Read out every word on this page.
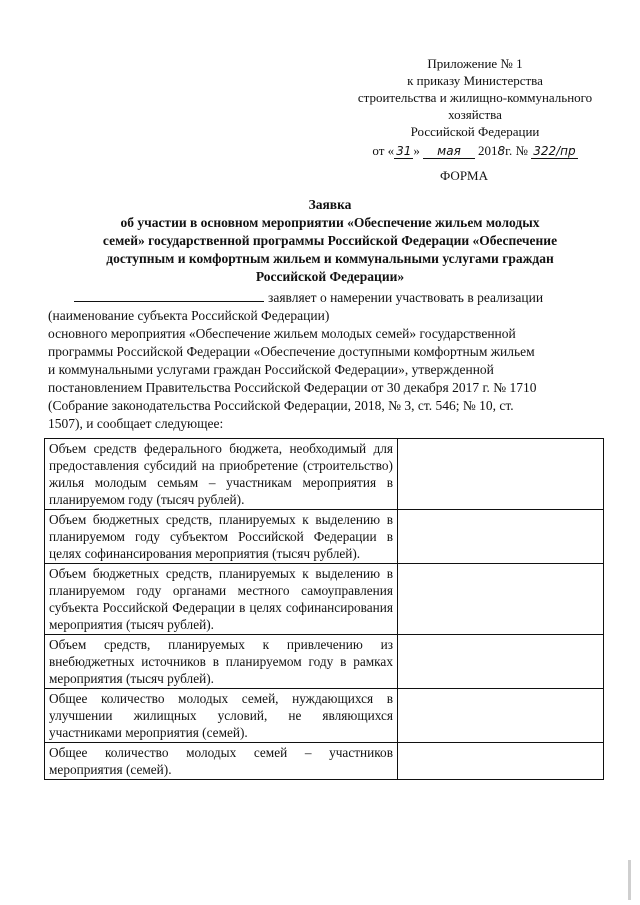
Приложение № 1
к приказу Министерства
строительства и жилищно-коммунального
хозяйства
Российской Федерации
от « 31 » мая 2018г. № 322/пр
ФОРМА
Заявка
об участии в основном мероприятии «Обеспечение жильем молодых
семей» государственной программы Российской Федерации «Обеспечение
доступным и комфортным жильем и коммунальными услугами граждан
Российской Федерации»
заявляет о намерении участвовать в реализации
(наименование субъекта Российской Федерации)
основного мероприятия «Обеспечение жильем молодых семей» государственной
программы Российской Федерации «Обеспечение доступными комфортным жильем
и коммунальными услугами граждан Российской Федерации», утвержденной
постановлением Правительства Российской Федерации от 30 декабря 2017 г. № 1710
(Собрание законодательства Российской Федерации, 2018, № 3, ст. 546; № 10, ст.
1507), и сообщает следующее:
Объем средств федерального бюджета, необходимый для предоставления субсидий на приобретение (строительство) жилья молодым семьям – участникам мероприятия в планируемом году (тысяч рублей).	
Объем бюджетных средств, планируемых к выделению в планируемом году субъектом Российской Федерации в целях софинансирования мероприятия (тысяч рублей).	
Объем бюджетных средств, планируемых к выделению в планируемом году органами местного самоуправления субъекта Российской Федерации в целях софинансирования мероприятия (тысяч рублей).	
Объем средств, планируемых к привлечению из внебюджетных источников в планируемом году в рамках мероприятия (тысяч рублей).	
Общее количество молодых семей, нуждающихся в улучшении жилищных условий, не являющихся участниками мероприятия (семей).	
Общее количество молодых семей – участников мероприятия (семей).	
